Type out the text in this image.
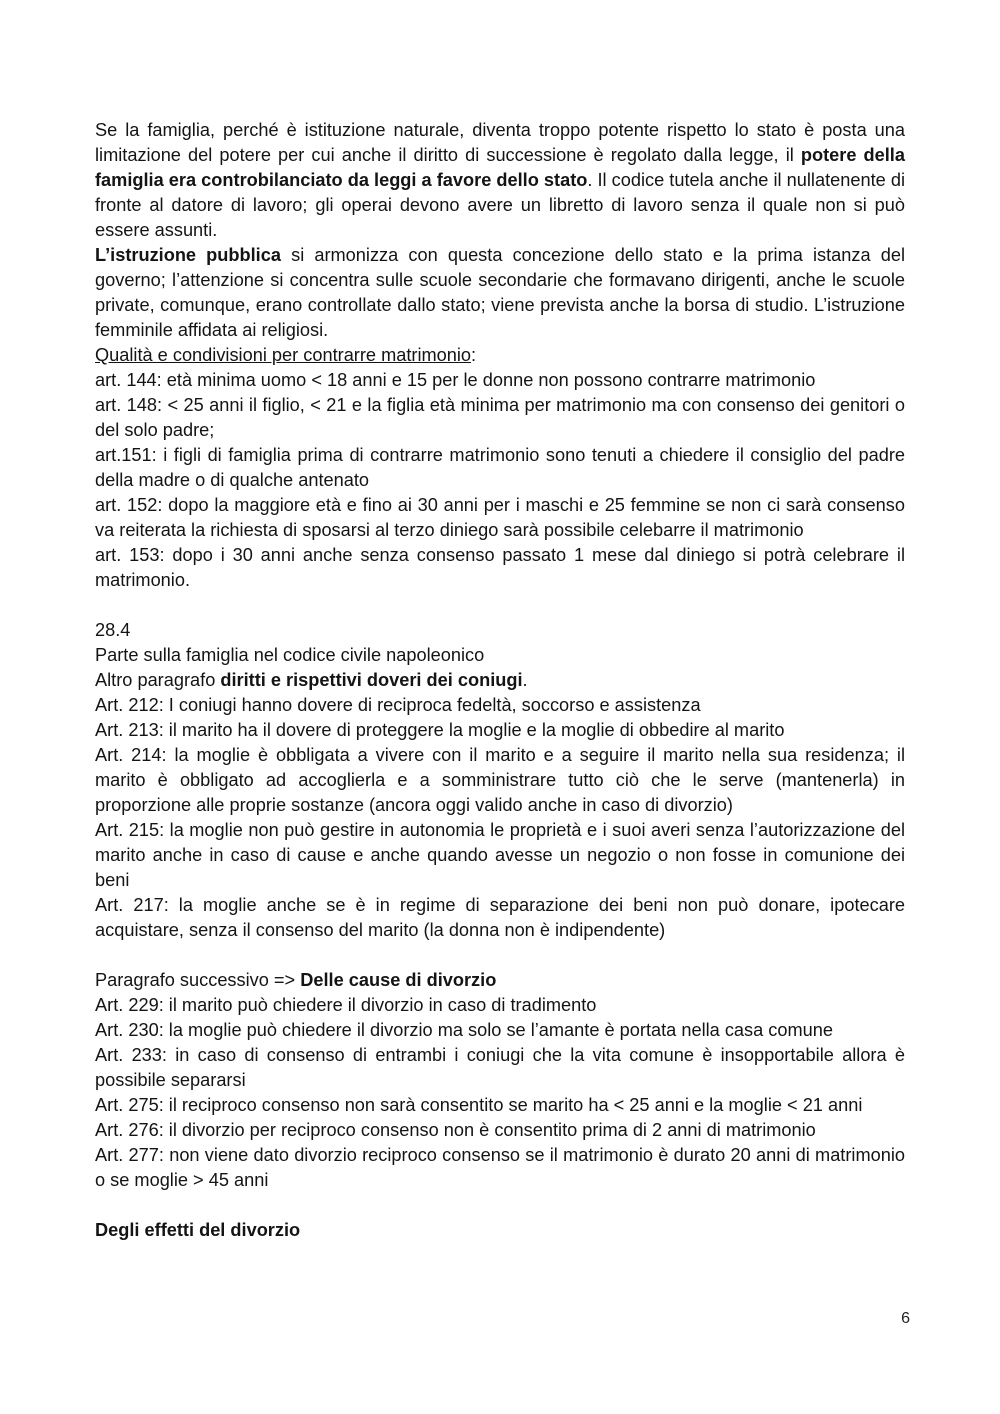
Se la famiglia, perché è istituzione naturale, diventa troppo potente rispetto lo stato è posta una limitazione del potere per cui anche il diritto di successione è regolato dalla legge, il potere della famiglia era controbilanciato da leggi a favore dello stato. Il codice tutela anche il nullatenente di fronte al datore di lavoro; gli operai devono avere un libretto di lavoro senza il quale non si può essere assunti.

L’istruzione pubblica si armonizza con questa concezione dello stato e la prima istanza del governo; l’attenzione si concentra sulle scuole secondarie che formavano dirigenti, anche le scuole private, comunque, erano controllate dallo stato; viene prevista anche la borsa di studio. L’istruzione femminile affidata ai religiosi.

Qualità e condivisioni per contrarre matrimonio:

art. 144: età minima uomo < 18 anni e 15 per le donne non possono contrarre matrimonio

art. 148: < 25 anni il figlio, < 21 e la figlia età minima per matrimonio ma con consenso dei genitori o del solo padre;

art.151: i figli di famiglia prima di contrarre matrimonio sono tenuti a chiedere il consiglio del padre della madre o di qualche antenato

art. 152: dopo la maggiore età e fino ai 30 anni per i maschi e 25 femmine se non ci sarà consenso va reiterata la richiesta di sposarsi al terzo diniego sarà possibile celebarre il matrimonio

art. 153: dopo i 30 anni anche senza consenso passato 1 mese dal diniego si potrà celebrare il matrimonio.

28.4

Parte sulla famiglia nel codice civile napoleonico

Altro paragrafo diritti e rispettivi doveri dei coniugi.

Art. 212: I coniugi hanno dovere di reciproca fedeltà, soccorso e assistenza

Art. 213: il marito ha il dovere di proteggere la moglie e la moglie di obbedire al marito

Art. 214: la moglie è obbligata a vivere con il marito e a seguire il marito nella sua residenza; il marito è obbligato ad accoglierla e a somministrare tutto ciò che le serve (mantenerla) in proporzione alle proprie sostanze (ancora oggi valido anche in caso di divorzio)

Art. 215: la moglie non può gestire in autonomia le proprietà e i suoi averi senza l’autorizzazione del marito anche in caso di cause e anche quando avesse un negozio o non fosse in comunione dei beni

Art. 217: la moglie anche se è in regime di separazione dei beni non può donare, ipotecare acquistare, senza il consenso del marito (la donna non è indipendente)

Paragrafo successivo => Delle cause di divorzio

Art. 229: il marito può chiedere il divorzio in caso di tradimento

Art. 230: la moglie può chiedere il divorzio ma solo se l’amante è portata nella casa comune

Art. 233: in caso di consenso di entrambi i coniugi che la vita comune è insopportabile allora è possibile separarsi

Art. 275: il reciproco consenso non sarà consentito se marito ha < 25 anni e la moglie < 21 anni

Art. 276: il divorzio per reciproco consenso non è consentito prima di 2 anni di matrimonio

Art. 277: non viene dato divorzio reciproco consenso se il matrimonio è durato 20 anni di matrimonio o se moglie > 45 anni

Degli effetti del divorzio

6
